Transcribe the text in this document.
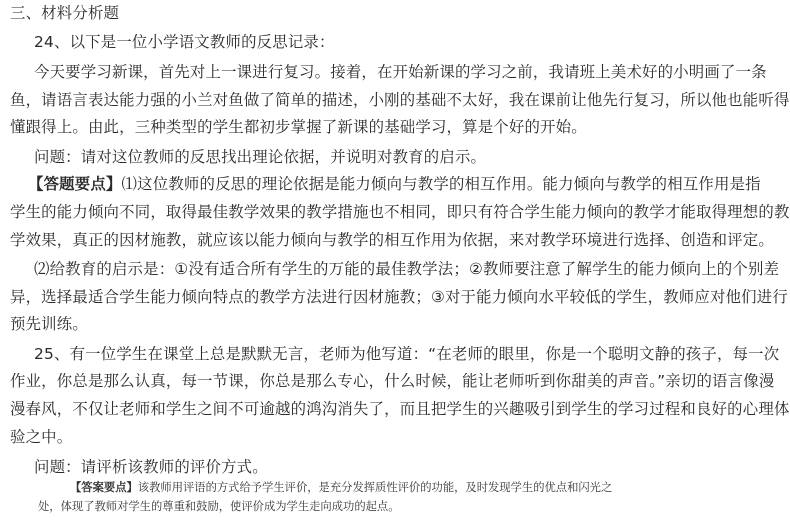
三、材料分析题
24、以下是一位小学语文教师的反思记录：
今天要学习新课，首先对上一课进行复习。接着，在开始新课的学习之前，我请班上美术好的小明画了一条
鱼，请语言表达能力强的小兰对鱼做了简单的描述，小刚的基础不太好，我在课前让他先行复习，所以他也能听得
懂跟得上。由此，三种类型的学生都初步掌握了新课的基础学习，算是个好的开始。
问题：请对这位教师的反思找出理论依据，并说明对教育的启示。
【答题要点】⑴这位教师的反思的理论依据是能力倾向与教学的相互作用。能力倾向与教学的相互作用是指
学生的能力倾向不同，取得最佳教学效果的教学措施也不相同，即只有符合学生能力倾向的教学才能取得理想的教
学效果，真正的因材施教，就应该以能力倾向与教学的相互作用为依据，来对教学环境进行选择、创造和评定。
⑵给教育的启示是：①没有适合所有学生的万能的最佳教学法；②教师要注意了解学生的能力倾向上的个别差
异，选择最适合学生能力倾向特点的教学方法进行因材施教；③对于能力倾向水平较低的学生，教师应对他们进行
预先训练。
25、有一位学生在课堂上总是默默无言，老师为他写道：“在老师的眼里，你是一个聪明文静的孩子，每一次
作业，你总是那么认真，每一节课，你总是那么专心，什么时候，能让老师听到你甜美的声音。”亲切的语言像漫
漫春风，不仅让老师和学生之间不可逾越的鸿沟消失了，而且把学生的兴趣吸引到学生的学习过程和良好的心理体
验之中。
问题：请评析该教师的评价方式。
【答案要点】该教师用评语的方式给予学生评价，是充分发挥质性评价的功能，及时发现学生的优点和闪光之
处，体现了教师对学生的尊重和鼓励，使评价成为学生走向成功的起点。
